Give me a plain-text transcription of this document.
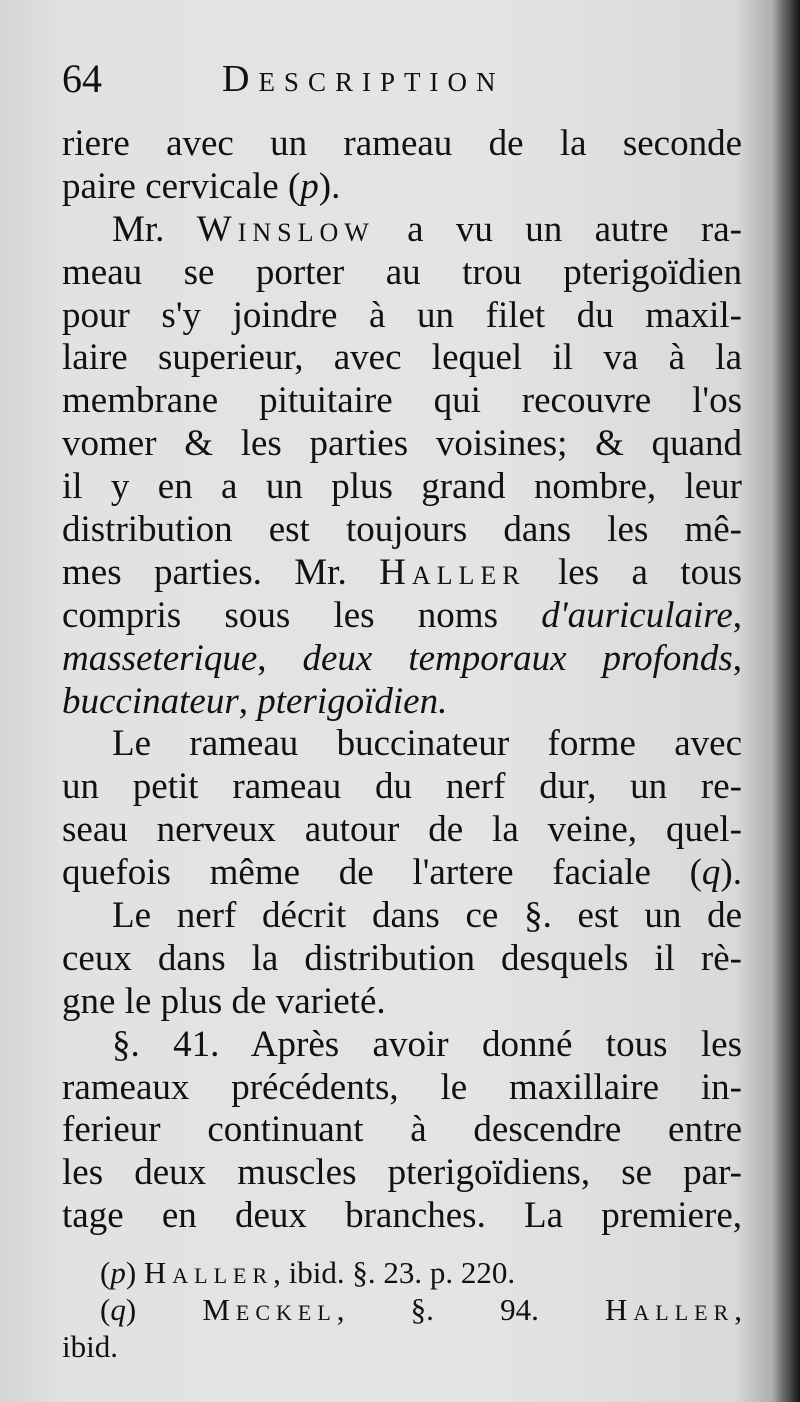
64	Description
riere avec un rameau de la seconde
paire cervicale (p).
Mr. Winslow a vu un autre ra-
meau se porter au trou pterigoïdien
pour s'y joindre à un filet du maxil-
laire superieur, avec lequel il va à la
membrane pituitaire qui recouvre l'os
vomer & les parties voisines; & quand
il y en a un plus grand nombre, leur
distribution est toujours dans les mê-
mes parties. Mr. Haller les a tous
compris sous les noms d'auriculaire,
masseterique, deux temporaux profonds,
buccinateur, pterigoïdien.
Le rameau buccinateur forme avec
un petit rameau du nerf dur, un re-
seau nerveux autour de la veine, quel-
quefois même de l'artere faciale (q).
Le nerf décrit dans ce §. est un de
ceux dans la distribution desquels il rè-
gne le plus de varieté.
§. 41. Après avoir donné tous les
rameaux précédents, le maxillaire in-
ferieur continuant à descendre entre
les deux muscles pterigoïdiens, se par-
tage en deux branches. La premiere,
(p) Haller, ibid. §. 23. p. 220.
(q) Meckel, §. 94. Haller,
ibid.
